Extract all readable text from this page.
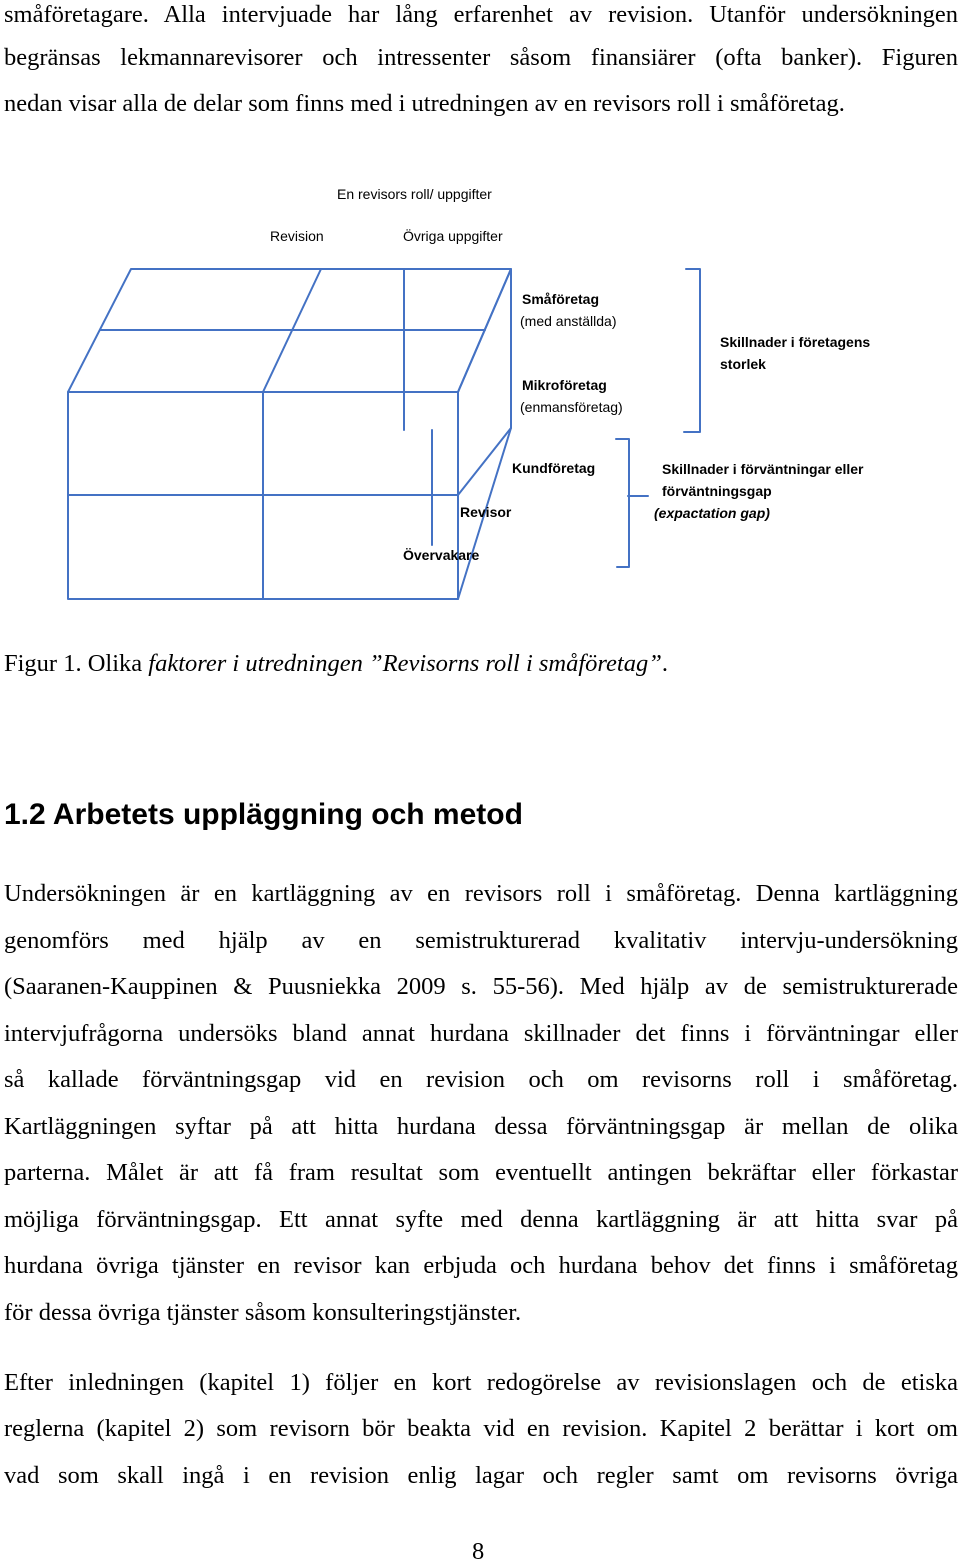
småföretagare. Alla intervjuade har lång erfarenhet av revision. Utanför undersökningen
begränsas lekmannarevisorer och intressenter såsom finansiärer (ofta banker). Figuren
nedan visar alla de delar som finns med i utredningen av en revisors roll i småföretag.
En revisors roll/ uppgifter
Revision	Övriga uppgifter
Småföretag
(med anställda)
Skillnader i företagens
storlek
Mikroföretag
(enmansföretag)
Kundföretag	Skillnader i förväntningar eller
förväntningsgap
Revisor	(expactation gap)
Övervakare
Figur 1. Olika faktorer i utredningen ”Revisorns roll i småföretag”.
1.2 Arbetets uppläggning och metod
Undersökningen är en kartläggning av en revisors roll i småföretag. Denna kartläggning
genomförs med hjälp av en semistrukturerad kvalitativ intervju-undersökning
(Saaranen-Kauppinen & Puusniekka 2009 s. 55-56). Med hjälp av de semistrukturerade
intervjufrågorna undersöks bland annat hurdana skillnader det finns i förväntningar eller
så kallade förväntningsgap vid en revision och om revisorns roll i småföretag.
Kartläggningen syftar på att hitta hurdana dessa förväntningsgap är mellan de olika
parterna. Målet är att få fram resultat som eventuellt antingen bekräftar eller förkastar
möjliga förväntningsgap. Ett annat syfte med denna kartläggning är att hitta svar på
hurdana övriga tjänster en revisor kan erbjuda och hurdana behov det finns i småföretag
för dessa övriga tjänster såsom konsulteringstjänster.
Efter inledningen (kapitel 1) följer en kort redogörelse av revisionslagen och de etiska
reglerna (kapitel 2) som revisorn bör beakta vid en revision. Kapitel 2 berättar i kort om
vad som skall ingå i en revision enlig lagar och regler samt om revisorns övriga
8
